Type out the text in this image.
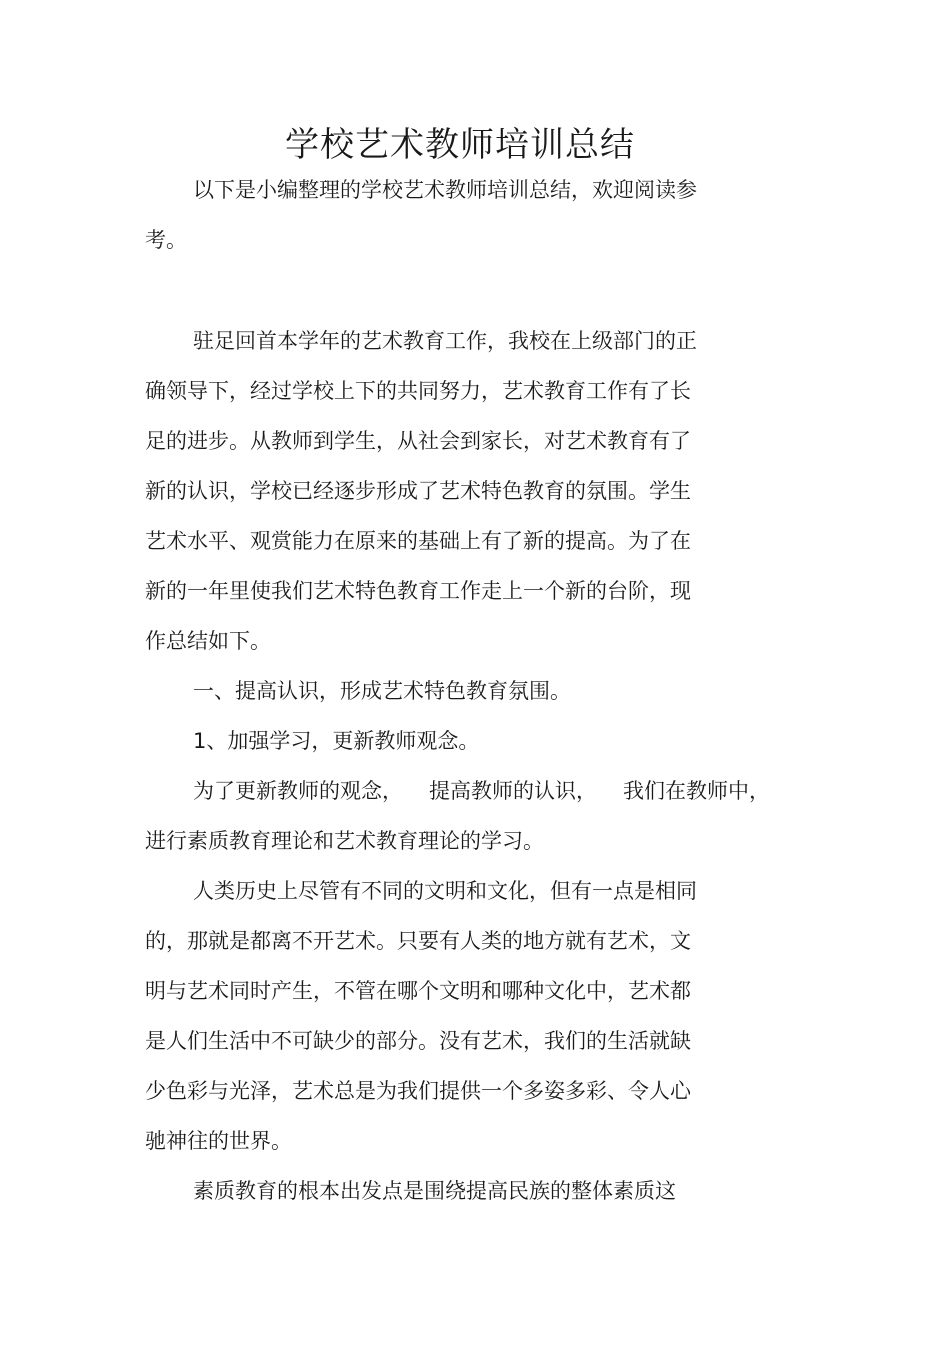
学校艺术教师培训总结
以下是小编整理的学校艺术教师培训总结，欢迎阅读参
考。
驻足回首本学年的艺术教育工作，我校在上级部门的正
确领导下，经过学校上下的共同努力，艺术教育工作有了长
足的进步。从教师到学生，从社会到家长，对艺术教育有了
新的认识，学校已经逐步形成了艺术特色教育的氛围。学生
艺术水平、观赏能力在原来的基础上有了新的提高。为了在
新的一年里使我们艺术特色教育工作走上一个新的台阶，现
作总结如下。
一、提高认识，形成艺术特色教育氛围。
1、加强学习，更新教师观念。
为了更新教师的观念， 提高教师的认识， 我们在教师中，
进行素质教育理论和艺术教育理论的学习。
人类历史上尽管有不同的文明和文化，但有一点是相同
的，那就是都离不开艺术。只要有人类的地方就有艺术，文
明与艺术同时产生，不管在哪个文明和哪种文化中，艺术都
是人们生活中不可缺少的部分。没有艺术，我们的生活就缺
少色彩与光泽，艺术总是为我们提供一个多姿多彩、令人心
驰神往的世界。
素质教育的根本出发点是围绕提高民族的整体素质这
